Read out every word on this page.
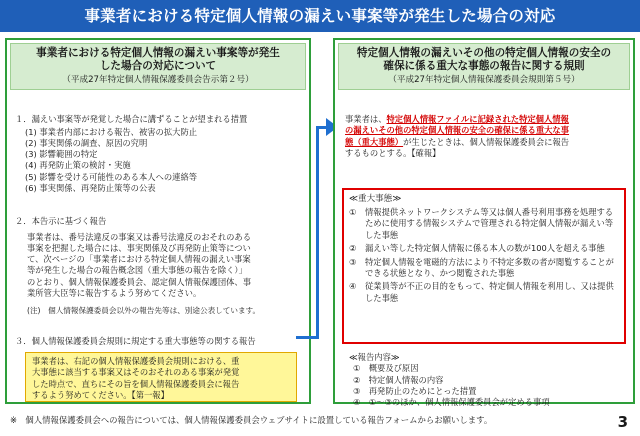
事業者における特定個人情報の漏えい事案等が発生した場合の対応
事業者における特定個人情報の漏えい事案等が発生
した場合の対応について
（平成27年特定個人情報保護委員会告示第２号）
１．漏えい事案等が発覚した場合に講ずることが望まれる措置
(1) 事業者内部における報告、被害の拡大防止
(2) 事実関係の調査、原因の究明
(3) 影響範囲の特定
(4) 再発防止策の検討・実施
(5) 影響を受ける可能性のある本人への連絡等
(6) 事実関係、再発防止策等の公表
２．本告示に基づく報告
事業者は、番号法違反の事案又は番号法違反のおそれのある
事案を把握した場合には、事実関係及び再発防止策等につい
て、次ページの「事業者における特定個人情報の漏えい事案
等が発生した場合の報告概念図（重大事態の報告を除く）」
のとおり、個人情報保護委員会、認定個人情報保護団体、事
業所管大臣等に報告するよう努めてください。
(注)　個人情報保護委員会以外の報告先等は、別途公表しています。
３．個人情報保護委員会規則に規定する重大事態等の関する報告
事業者は、右記の個人情報保護委員会規則における、重
大事態に該当する事案又はそのおそれのある事案が発覚
した時点で、直ちにその旨を個人情報保護委員会に報告
するよう努めてください。【第一報】
特定個人情報の漏えいその他の特定個人情報の安全の
確保に係る重大な事態の報告に関する規則
（平成27年特定個人情報保護委員会規則第５号）
事業者は、特定個人情報ファイルに記録された特定個人情報
の漏えいその他の特定個人情報の安全の確保に係る重大な事
態（重大事態）が生じたときは、個人情報保護委員会に報告
するものとする。【確報】
≪重大事態≫
①	情報提供ネットワークシステム等又は個人番号利用事務を処理するために使用する情報システムで管理される特定個人情報が漏えい等した事態
②	漏えい等した特定個人情報に係る本人の数が100人を超える事態
③	特定個人情報を電磁的方法により不特定多数の者が閲覧することができる状態となり、かつ閲覧された事態
④	従業員等が不正の目的をもって、特定個人情報を利用し、又は提供した事態
≪報告内容≫
①　概要及び原因
②　特定個人情報の内容
③　再発防止のためにとった措置
④　①～③のほか、個人情報保護委員会が定める事項
※　個人情報保護委員会への報告については、個人情報保護委員会ウェブサイトに設置している報告フォームからお願いします。	3
